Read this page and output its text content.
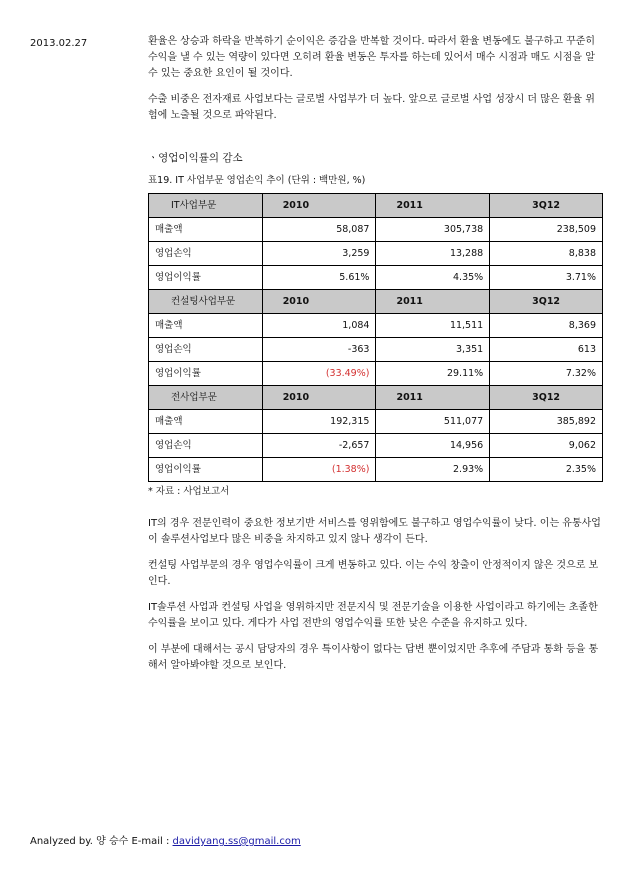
2013.02.27	환율은 상승과 하락을 반복하기 순이익은 증감을 반복할 것이다. 따라서 환율 변동에도 불구하고 꾸준히 수익을 낼 수 있는 역량이 있다면 오히려 환율 변동은 투자를 하는데 있어서 매수 시점과 매도 시점을 알 수 있는 중요한 요인이 될 것이다.

수출 비중은 전자재료 사업보다는 글로벌 사업부가 더 높다. 앞으로 글로벌 사업 성장시 더 많은 환율 위험에 노출될 것으로 파악된다.

ㆍ영업이익률의 감소
표19. IT 사업부문 영업손익 추이 (단위 : 백만원, %)
IT사업부문	2010	2011	3Q12
매출액	58,087	305,738	238,509
영업손익	3,259	13,288	8,838
영업이익률	5.61%	4.35%	3.71%
컨설팅사업부문	2010	2011	3Q12
매출액	1,084	11,511	8,369
영업손익	-363	3,351	613
영업이익률	(33.49%)	29.11%	7.32%
전사업부문	2010	2011	3Q12
매출액	192,315	511,077	385,892
영업손익	-2,657	14,956	9,062
영업이익률	(1.38%)	2.93%	2.35%
* 자료 : 사업보고서

IT의 경우 전문인력이 중요한 정보기반 서비스를 영위함에도 불구하고 영업수익률이 낮다. 이는 유통사업이 솔루션사업보다 많은 비중을 차지하고 있지 않나 생각이 든다.

컨설팅 사업부문의 경우 영업수익률이 크게 변동하고 있다. 이는 수익 창출이 안정적이지 않은 것으로 보인다.

IT솔루션 사업과 컨설팅 사업을 영위하지만 전문지식 및 전문기술을 이용한 사업이라고 하기에는 초졸한 수익률을 보이고 있다. 게다가 사업 전반의 영업수익률 또한 낮은 수준을 유지하고 있다.

이 부분에 대해서는 공시 담당자의 경우 특이사항이 없다는 답변 뿐이었지만 추후에 주담과 통화 등을 통해서 알아봐야할 것으로 보인다.

Analyzed by. 양 승수 E-mail : davidyang.ss@gmail.com
